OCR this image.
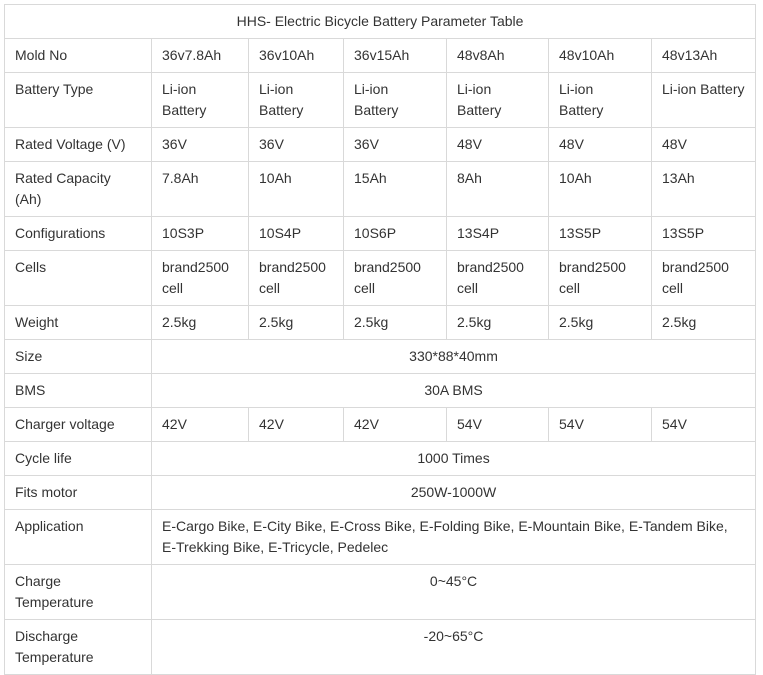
HHS- Electric Bicycle Battery Parameter Table						
Mold No	36v7.8Ah	36v10Ah	36v15Ah	48v8Ah	48v10Ah	48v13Ah
Battery Type	Li-ion Battery	Li-ion Battery	Li-ion Battery	Li-ion Battery	Li-ion Battery	Li-ion Battery
Rated Voltage (V)	36V	36V	36V	48V	48V	48V
Rated Capacity (Ah)	7.8Ah	10Ah	15Ah	8Ah	10Ah	13Ah
Configurations	10S3P	10S4P	10S6P	13S4P	13S5P	13S5P
Cells	brand2500 cell	brand2500 cell	brand2500 cell	brand2500 cell	brand2500 cell	brand2500 cell
Weight	2.5kg	2.5kg	2.5kg	2.5kg	2.5kg	2.5kg
Size	330*88*40mm					
BMS	30A BMS					
Charger voltage	42V	42V	42V	54V	54V	54V
Cycle life	1000 Times					
Fits motor	250W-1000W					
Application	E-Cargo Bike, E-City Bike, E-Cross Bike, E-Folding Bike, E-Mountain Bike, E-Tandem Bike, E-Trekking Bike, E-Tricycle, Pedelec					
Charge Temperature	0~45°C					
Discharge Temperature	-20~65°C					
